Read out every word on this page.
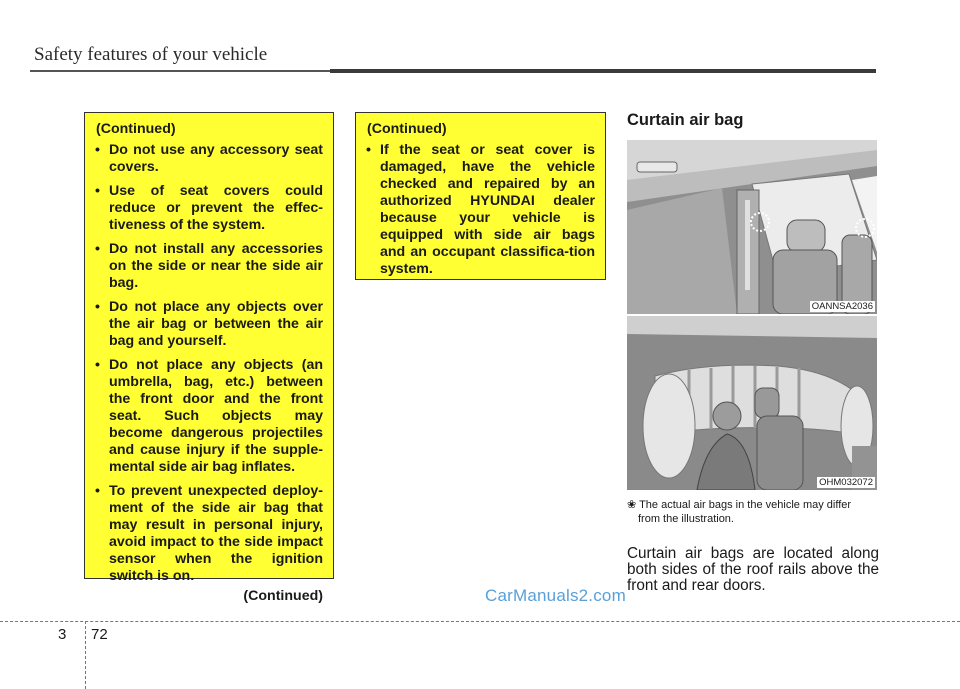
Safety features of your vehicle
(Continued)
• Do not use any accessory seat covers.
• Use of seat covers could reduce or prevent the effec-tiveness of the system.
• Do not install any accessories on the side or near the side air bag.
• Do not place any objects over the air bag or between the air bag and yourself.
• Do not place any objects (an umbrella, bag, etc.) between the front door and the front seat. Such objects may become dangerous projectiles and cause injury if the supple-mental side air bag inflates.
• To prevent unexpected deploy-ment of the side air bag that may result in personal injury, avoid impact to the side impact sensor when the ignition switch is on.
(Continued)
(Continued)
• If the seat or seat cover is damaged, have the vehicle checked and repaired by an authorized HYUNDAI dealer because your vehicle is equipped with side air bags and an occupant classifica-tion system.
Curtain air bag
OANNSA2036
OHM032072
❀ The actual air bags in the vehicle may differ
from the illustration.
Curtain air bags are located along both sides of the roof rails above the front and rear doors.
CarManuals2.com
3 72
